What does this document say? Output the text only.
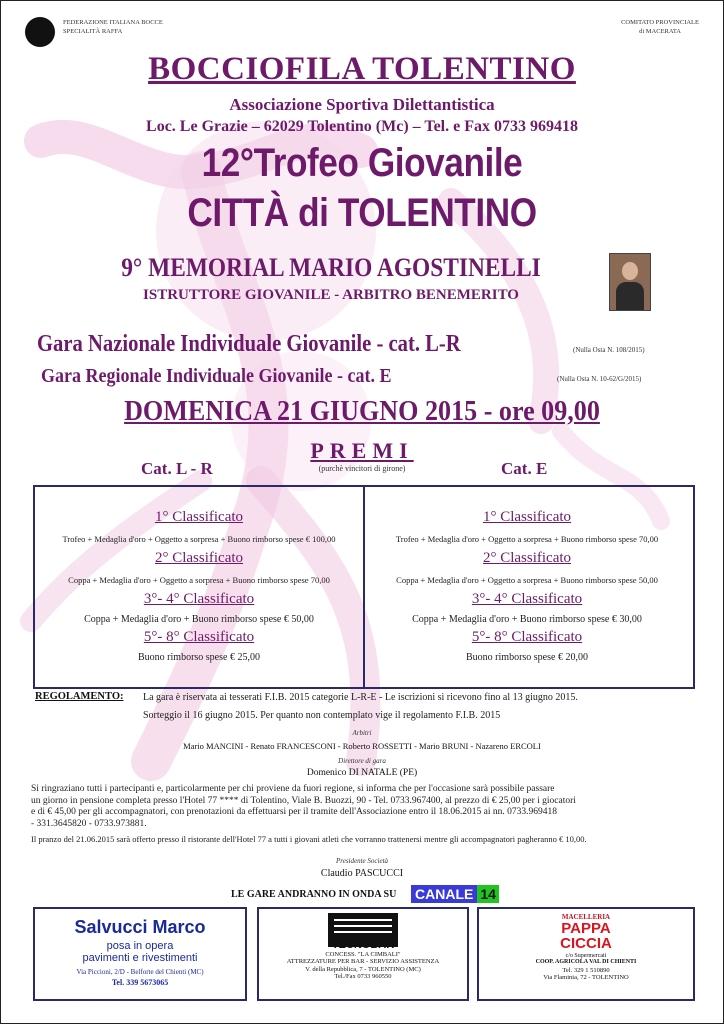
FEDERAZIONE ITALIANA BOCCE
SPECIALITÀ RAFFA
COMITATO PROVINCIALE
di MACERATA
BOCCIOFILA TOLENTINO
Associazione Sportiva Dilettantistica
Loc. Le Grazie – 62029 Tolentino (Mc) – Tel. e Fax 0733 969418
12°Trofeo Giovanile
CITTÀ di TOLENTINO
9° MEMORIAL MARIO AGOSTINELLI
ISTRUTTORE GIOVANILE - ARBITRO BENEMERITO
Gara Nazionale Individuale Giovanile - cat. L-R	(Nulla Osta N. 108/2015)
Gara Regionale Individuale Giovanile - cat. E	(Nulla Osta N. 10-62/G/2015)
DOMENICA 21 GIUGNO 2015 - ore 09,00
PREMI
(purchè vincitori di girone)
Cat. L - R	Cat. E
1° Classificato
Trofeo + Medaglia d'oro + Oggetto a sorpresa + Buono rimborso spese € 100,00
2° Classificato
Coppa + Medaglia d'oro + Oggetto a sorpresa + Buono rimborso spese 70,00
3°- 4° Classificato
Coppa + Medaglia d'oro + Buono rimborso spese € 50,00
5°- 8° Classificato
Buono rimborso spese € 25,00
1° Classificato
Trofeo + Medaglia d'oro + Oggetto a sorpresa + Buono rimborso spese 70,00
2° Classificato
Coppa + Medaglia d'oro + Oggetto a sorpresa + Buono rimborso spese 50,00
3°- 4° Classificato
Coppa + Medaglia d'oro + Buono rimborso spese € 30,00
5°- 8° Classificato
Buono rimborso spese € 20,00
REGOLAMENTO: La gara è riservata ai tesserati F.I.B. 2015 categorie L-R-E - Le iscrizioni si ricevono fino al 13 giugno 2015.
Sorteggio il 16 giugno 2015. Per quanto non contemplato vige il regolamento F.I.B. 2015
Arbitri
Mario MANCINI - Renato FRANCESCONI - Roberto ROSSETTI - Mario BRUNI - Nazareno ERCOLI
Direttore di gara
Domenico DI NATALE (PE)
Si ringraziano tutti i partecipanti e, particolarmente per chi proviene da fuori regione, si informa che per l'occasione sarà possibile passare
un giorno in pensione completa presso l'Hotel 77 **** di Tolentino, Viale B. Buozzi, 90 - Tel. 0733.967400, al prezzo di € 25,00 per i giocatori
e di € 45,00 per gli accompagnatori, con prenotazioni da effettuarsi per il tramite dell'Associazione entro il 18.06.2015 ai nn. 0733.969418
- 331.3645820 - 0733.973881.
Il pranzo del 21.06.2015 sarà offerto presso il ristorante dell'Hotel 77 a tutti i giovani atleti che vorranno trattenersi mentre gli accompagnatori pagheranno € 10,00.
Presidente Società
Claudio PASCUCCI
LE GARE ANDRANNO IN ONDA SU CANALE 14
Salvucci Marco
posa in opera
pavimenti e rivestimenti
Via Piccioni, 2/D - Belforte del Chienti (MC)
Tel. 339 5673065
CONCESS. "LA CIMBALI"
ATTREZZATURE PER BAR - SERVIZIO ASSISTENZA
V. della Repubblica, 7 - TOLENTINO (MC)
Tel./Fax 0733 960550
MACELLERIA
PAPPA
CICCIA
c/o Supermercati
COOP. AGRICOLA VAL DI CHIENTI
Tel. 329 1 510890
Via Flaminia, 72 - TOLENTINO
